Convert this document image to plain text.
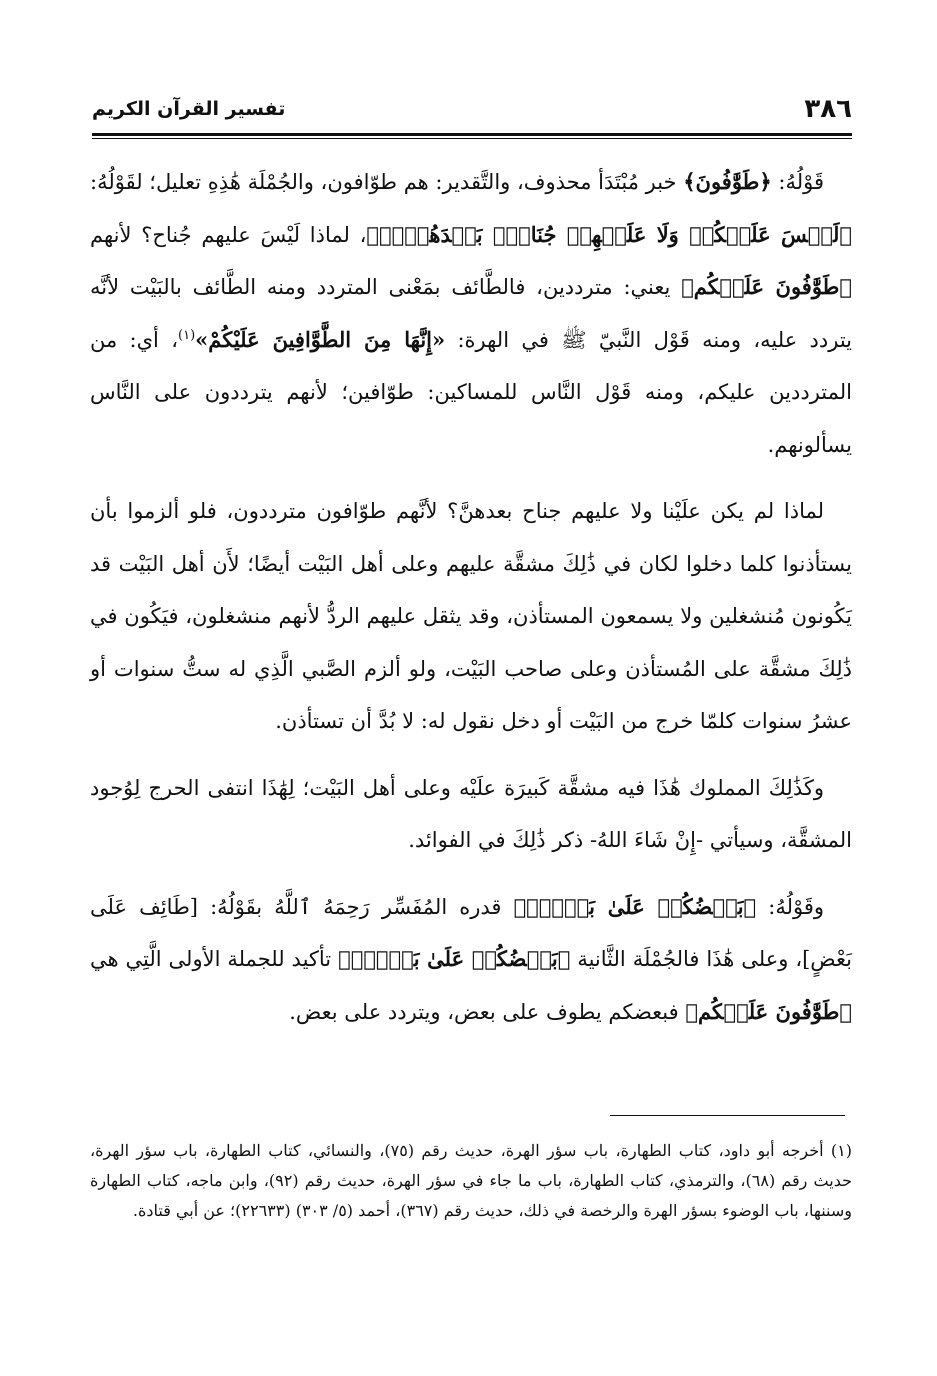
٣٨٦
تفسير القرآن الكريم

قَوْلُهُ: ﴿طَوَّٰفُونَ﴾ خبر مُبْتَدَأ محذوف، والتَّقدير: هم طوّافون، والجُمْلَة هَٰذِهِ تعليل؛ لقَوْلُهُ: ﴿لَيۡسَ عَلَيۡكُمۡ وَلَا عَلَيۡهِمۡ جُنَاحُۢ بَعۡدَهُنَّۚ﴾، لماذا لَيْسَ عليهم جُناح؟ لأنهم ﴿طَوَّٰفُونَ عَلَيۡكُم﴾ يعني: مترددين، فالطَّائف بمَعْنى المتردد ومنه الطَّائف بالبَيْت لأنَّه يتردد عليه، ومنه قَوْل النَّبيّ ﷺ في الهرة: «إِنَّهَا مِنَ الطَّوَّافِينَ عَلَيْكُمْ»$^{(١)}$، أي: من المترددين عليكم، ومنه قَوْل النَّاس للمساكين: طوّافين؛ لأنهم يترددون على النَّاس يسألونهم.

لماذا لم يكن علَيْنا ولا عليهم جناح بعدهنَّ؟ لأنَّهم طوّافون مترددون، فلو ألزموا بأن يستأذنوا كلما دخلوا لكان في ذَٰلِكَ مشقَّة عليهم وعلى أهل البَيْت أيضًا؛ لأَن أهل البَيْت قد يَكُونون مُنشغلين ولا يسمعون المستأذن، وقد يثقل عليهم الردُّ لأنهم منشغلون، فيَكُون في ذَٰلِكَ مشقَّة على المُستأذن وعلى صاحب البَيْت، ولو ألزم الصَّبي الَّذِي له ستُّ سنوات أو عشرُ سنوات كلمّا خرج من البَيْت أو دخل نقول له: لا بُدَّ أن تستأذن.

وكَذَٰلِكَ المملوك هَٰذَا فيه مشقَّة كَبيرَة علَيْه وعلى أهل البَيْت؛ لِهَٰذَا انتفى الحرج لِوُجود المشقَّة، وسيأتي -إِنْ شَاءَ اللهُ- ذكر ذَٰلِكَ في الفوائد.

وقَوْلُهُ: ﴿بَعۡضُكُمۡ عَلَىٰ بَعۡضٖۚ﴾ قدره المُفَسِّر رَحِمَهُ ٱللَّهُ بقَوْلُهُ: [طَائِف عَلَى بَعْضٍ]، وعلى هَٰذَا فالجُمْلَة الثَّانية ﴿بَعۡضُكُمۡ عَلَىٰ بَعۡضٖۚ﴾ تأكيد للجملة الأولى الَّتِي هي ﴿طَوَّٰفُونَ عَلَيۡكُم﴾ فبعضكم يطوف على بعض، ويتردد على بعض.

(١) أخرجه أبو داود، كتاب الطهارة، باب سؤر الهرة، حديث رقم (٧٥)، والنسائي، كتاب الطهارة، باب سؤر الهرة، حديث رقم (٦٨)، والترمذي، كتاب الطهارة، باب ما جاء في سؤر الهرة، حديث رقم (٩٢)، وابن ماجه، كتاب الطهارة وسننها، باب الوضوء بسؤر الهرة والرخصة في ذلك، حديث رقم (٣٦٧)، أحمد (٥/ ٣٠٣) (٢٢٦٣٣)؛ عن أبي قتادة.
